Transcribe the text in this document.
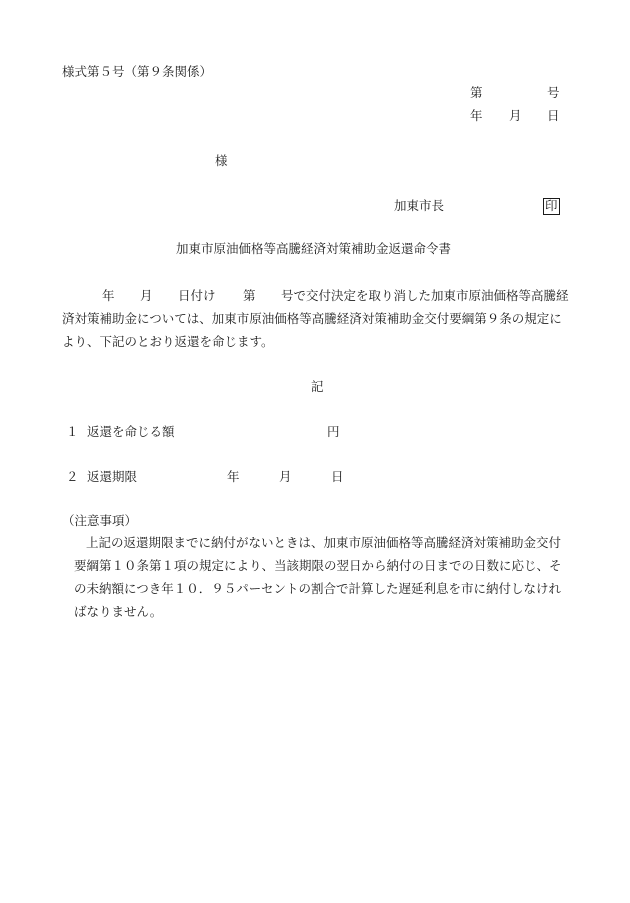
様式第５号（第９条関係）
第	号
年 月 日
様
加東市長	印
加東市原油価格等高騰経済対策補助金返還命令書
年 月 日付け 第 号で交付決定を取り消した加東市原油価格等高騰経
済対策補助金については、加東市原油価格等高騰経済対策補助金交付要綱第９条の規定に
より、下記のとおり返還を命じます。
記
１ 返還を命じる額	円
２ 返還期限	年	月	日
（注意事項）
上記の返還期限までに納付がないときは、加東市原油価格等高騰経済対策補助金交付
要綱第１０条第１項の規定により、当該期限の翌日から納付の日までの日数に応じ、そ
の未納額につき年１０．９５パーセントの割合で計算した遅延利息を市に納付しなけれ
ばなりません。
